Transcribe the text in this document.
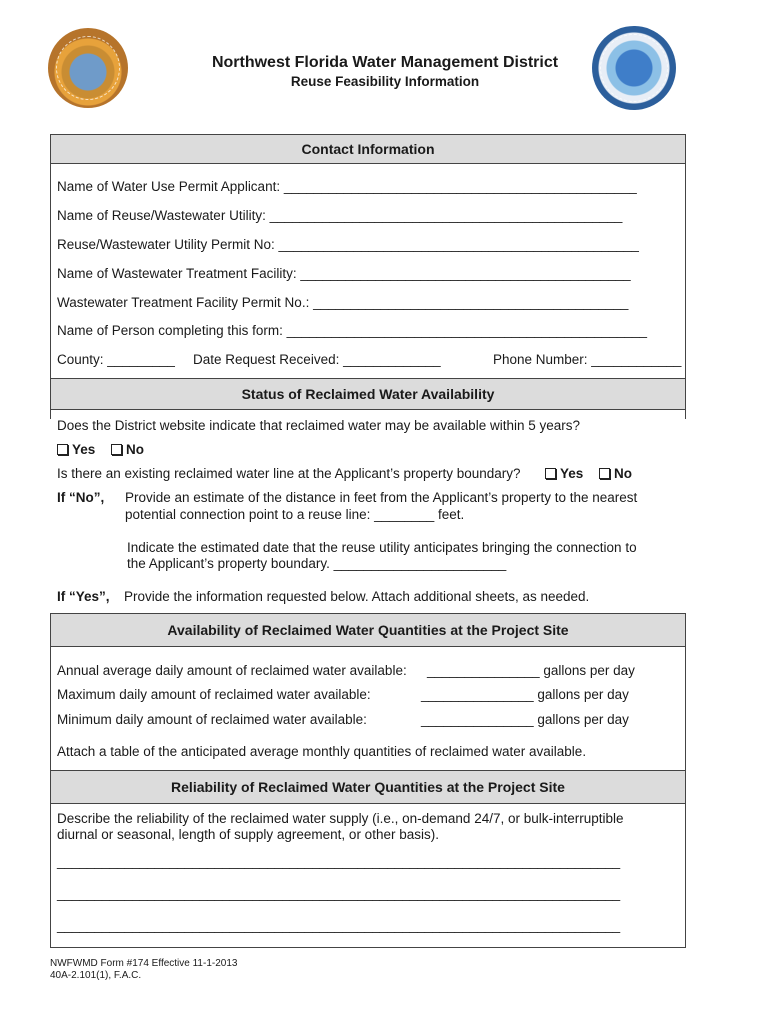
Northwest Florida Water Management District
Reuse Feasibility Information
Contact Information
Name of Water Use Permit Applicant: _______________________________________________
Name of Reuse/Wastewater Utility: _______________________________________________
Reuse/Wastewater Utility Permit No: ________________________________________________
Name of Wastewater Treatment Facility: ____________________________________________
Wastewater Treatment Facility Permit No.: __________________________________________
Name of Person completing this form: ________________________________________________
County: _________ Date Request Received: _____________	Phone Number: ____________
Status of Reclaimed Water Availability
Does the District website indicate that reclaimed water may be available within 5 years?
Yes	No
Is there an existing reclaimed water line at the Applicant’s property boundary?	Yes	No
If “No”, Provide an estimate of the distance in feet from the Applicant’s property to the nearest
potential connection point to a reuse line: ________ feet.
Indicate the estimated date that the reuse utility anticipates bringing the connection to
the Applicant’s property boundary. _______________________
If “Yes”, Provide the information requested below. Attach additional sheets, as needed.
Availability of Reclaimed Water Quantities at the Project Site
Annual average daily amount of reclaimed water available: _______________ gallons per day
Maximum daily amount of reclaimed water available:	_______________ gallons per day
Minimum daily amount of reclaimed water available:	_______________ gallons per day
Attach a table of the anticipated average monthly quantities of reclaimed water available.
Reliability of Reclaimed Water Quantities at the Project Site
Describe the reliability of the reclaimed water supply (i.e., on-demand 24/7, or bulk-interruptible
diurnal or seasonal, length of supply agreement, or other basis).
___________________________________________________________________________
___________________________________________________________________________
___________________________________________________________________________
NWFWMD Form #174 Effective 11-1-2013
40A-2.101(1), F.A.C.
